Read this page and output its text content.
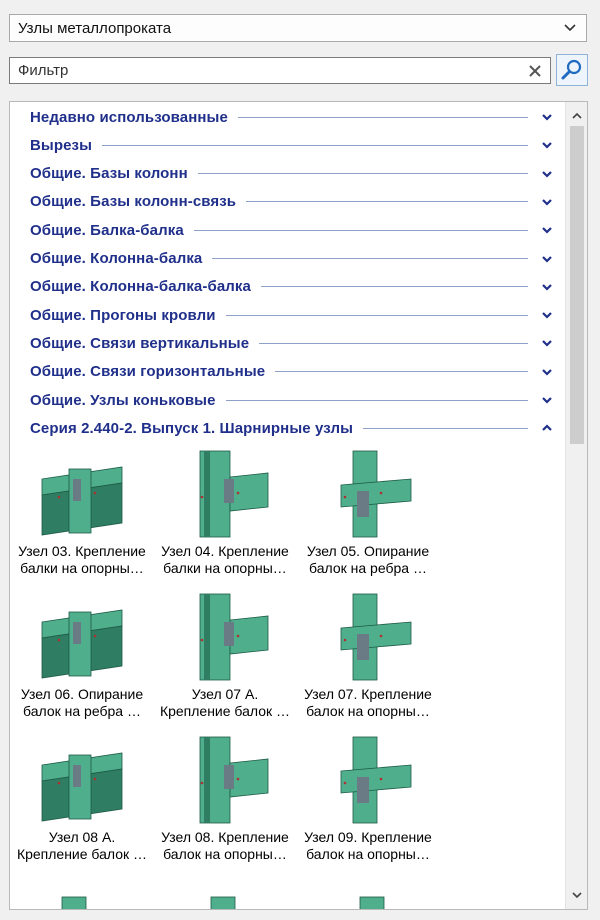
Узлы металлопроката
Фильтр
Недавно использованные
Вырезы
Общие. Базы колонн
Общие. Базы колонн-связь
Общие. Балка-балка
Общие. Колонна-балка
Общие. Колонна-балка-балка
Общие. Прогоны кровли
Общие. Связи вертикальные
Общие. Связи горизонтальные
Общие. Узлы коньковые
Серия 2.440-2. Выпуск 1. Шарнирные узлы
Узел 03. Крепление
балки на опорны…
Узел 04. Крепление
балки на опорны…
Узел 05. Опирание
балок на ребра …
Узел 06. Опирание
балок на ребра …
Узел 07 А.
Крепление балок …
Узел 07. Крепление
балок на опорны…
Узел 08 А.
Крепление балок …
Узел 08. Крепление
балок на опорны…
Узел 09. Крепление
балок на опорны…
